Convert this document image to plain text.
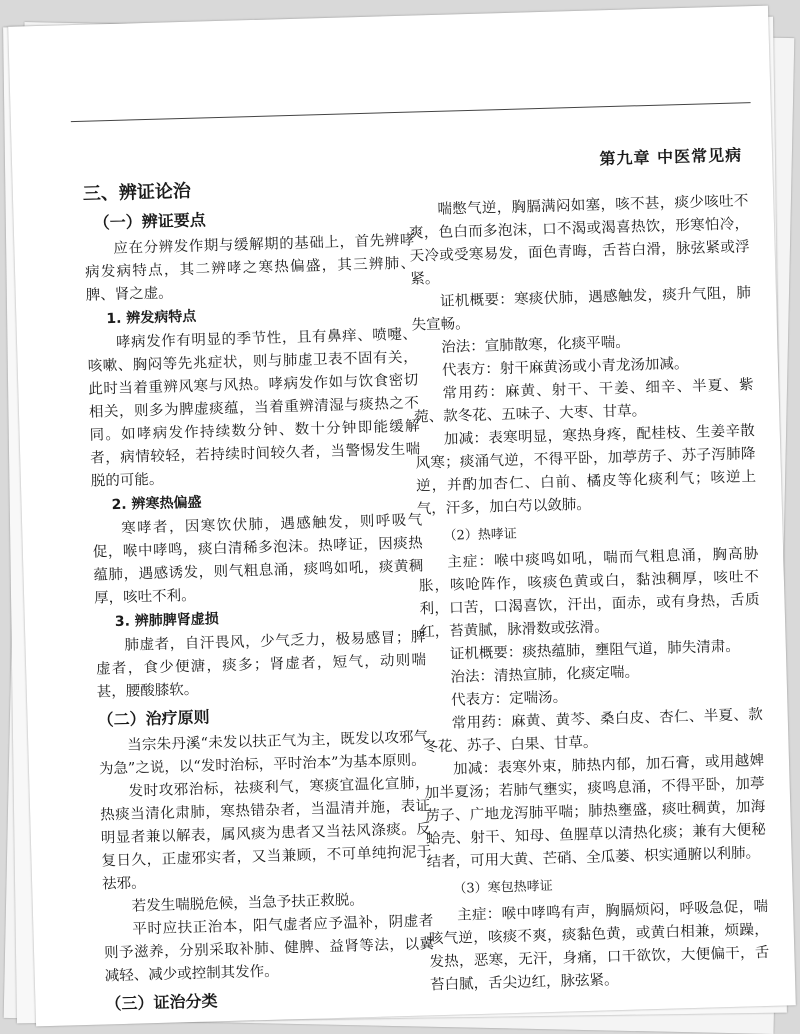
第九章 中医常见病
三、辨证论治
（一）辨证要点

应在分辨发作期与缓解期的基础上，首先辨哮病发病特点，其二辨哮之寒热偏盛，其三辨肺、脾、肾之虚。

1. 辨发病特点

哮病发作有明显的季节性，且有鼻痒、喷嚏、咳嗽、胸闷等先兆症状，则与肺虚卫表不固有关，此时当着重辨风寒与风热。哮病发作如与饮食密切相关，则多为脾虚痰蕴，当着重辨清湿与痰热之不同。如哮病发作持续数分钟、数十分钟即能缓解者，病情较轻，若持续时间较久者，当警惕发生喘脱的可能。

2. 辨寒热偏盛

寒哮者，因寒饮伏肺，遇感触发，则呼吸气促，喉中哮鸣，痰白清稀多泡沫。热哮证，因痰热蕴肺，遇感诱发，则气粗息涌，痰鸣如吼，痰黄稠厚，咳吐不利。

3. 辨肺脾肾虚损

肺虚者，自汗畏风，少气乏力，极易感冒；脾虚者，食少便溏，痰多；肾虚者，短气，动则喘甚，腰酸膝软。

（二）治疗原则

当宗朱丹溪“未发以扶正气为主，既发以攻邪气为急”之说，以“发时治标，平时治本”为基本原则。

发时攻邪治标，祛痰利气，寒痰宜温化宣肺，热痰当清化肃肺，寒热错杂者，当温清并施，表证明显者兼以解表，属风痰为患者又当祛风涤痰。反复日久，正虚邪实者，又当兼顾，不可单纯拘泥于祛邪。

若发生喘脱危候，当急予扶正救脱。

平时应扶正治本，阳气虚者应予温补，阴虚者则予滋养，分别采取补肺、健脾、益肾等法，以冀减轻、减少或控制其发作。

（三）证治分类

喘憋气逆，胸膈满闷如塞，咳不甚，痰少咳吐不爽，色白而多泡沫，口不渴或渴喜热饮，形寒怕冷，天冷或受寒易发，面色青晦，舌苔白滑，脉弦紧或浮紧。

证机概要：寒痰伏肺，遇感触发，痰升气阻，肺失宣畅。

治法：宣肺散寒，化痰平喘。

代表方：射干麻黄汤或小青龙汤加减。

常用药：麻黄、射干、干姜、细辛、半夏、紫菀、款冬花、五味子、大枣、甘草。

加减：表寒明显，寒热身疼，配桂枝、生姜辛散风寒；痰涌气逆，不得平卧，加葶苈子、苏子泻肺降逆，并酌加杏仁、白前、橘皮等化痰利气；咳逆上气，汗多，加白芍以敛肺。

（2）热哮证

主症：喉中痰鸣如吼，喘而气粗息涌，胸高胁胀，咳呛阵作，咳痰色黄或白，黏浊稠厚，咳吐不利，口苦，口渴喜饮，汗出，面赤，或有身热，舌质红，苔黄腻，脉滑数或弦滑。

证机概要：痰热蕴肺，壅阻气道，肺失清肃。

治法：清热宣肺，化痰定喘。

代表方：定喘汤。

常用药：麻黄、黄芩、桑白皮、杏仁、半夏、款冬花、苏子、白果、甘草。

加减：表寒外束，肺热内郁，加石膏，或用越婢加半夏汤；若肺气壅实，痰鸣息涌，不得平卧，加葶苈子、广地龙泻肺平喘；肺热壅盛，痰吐稠黄，加海蛤壳、射干、知母、鱼腥草以清热化痰；兼有大便秘结者，可用大黄、芒硝、全瓜蒌、枳实通腑以利肺。

（3）寒包热哮证

主症：喉中哮鸣有声，胸膈烦闷，呼吸急促，喘咳气逆，咳痰不爽，痰黏色黄，或黄白相兼，烦躁，发热，恶寒，无汗，身痛，口干欲饮，大便偏干，舌苔白腻，舌尖边红，脉弦紧。
